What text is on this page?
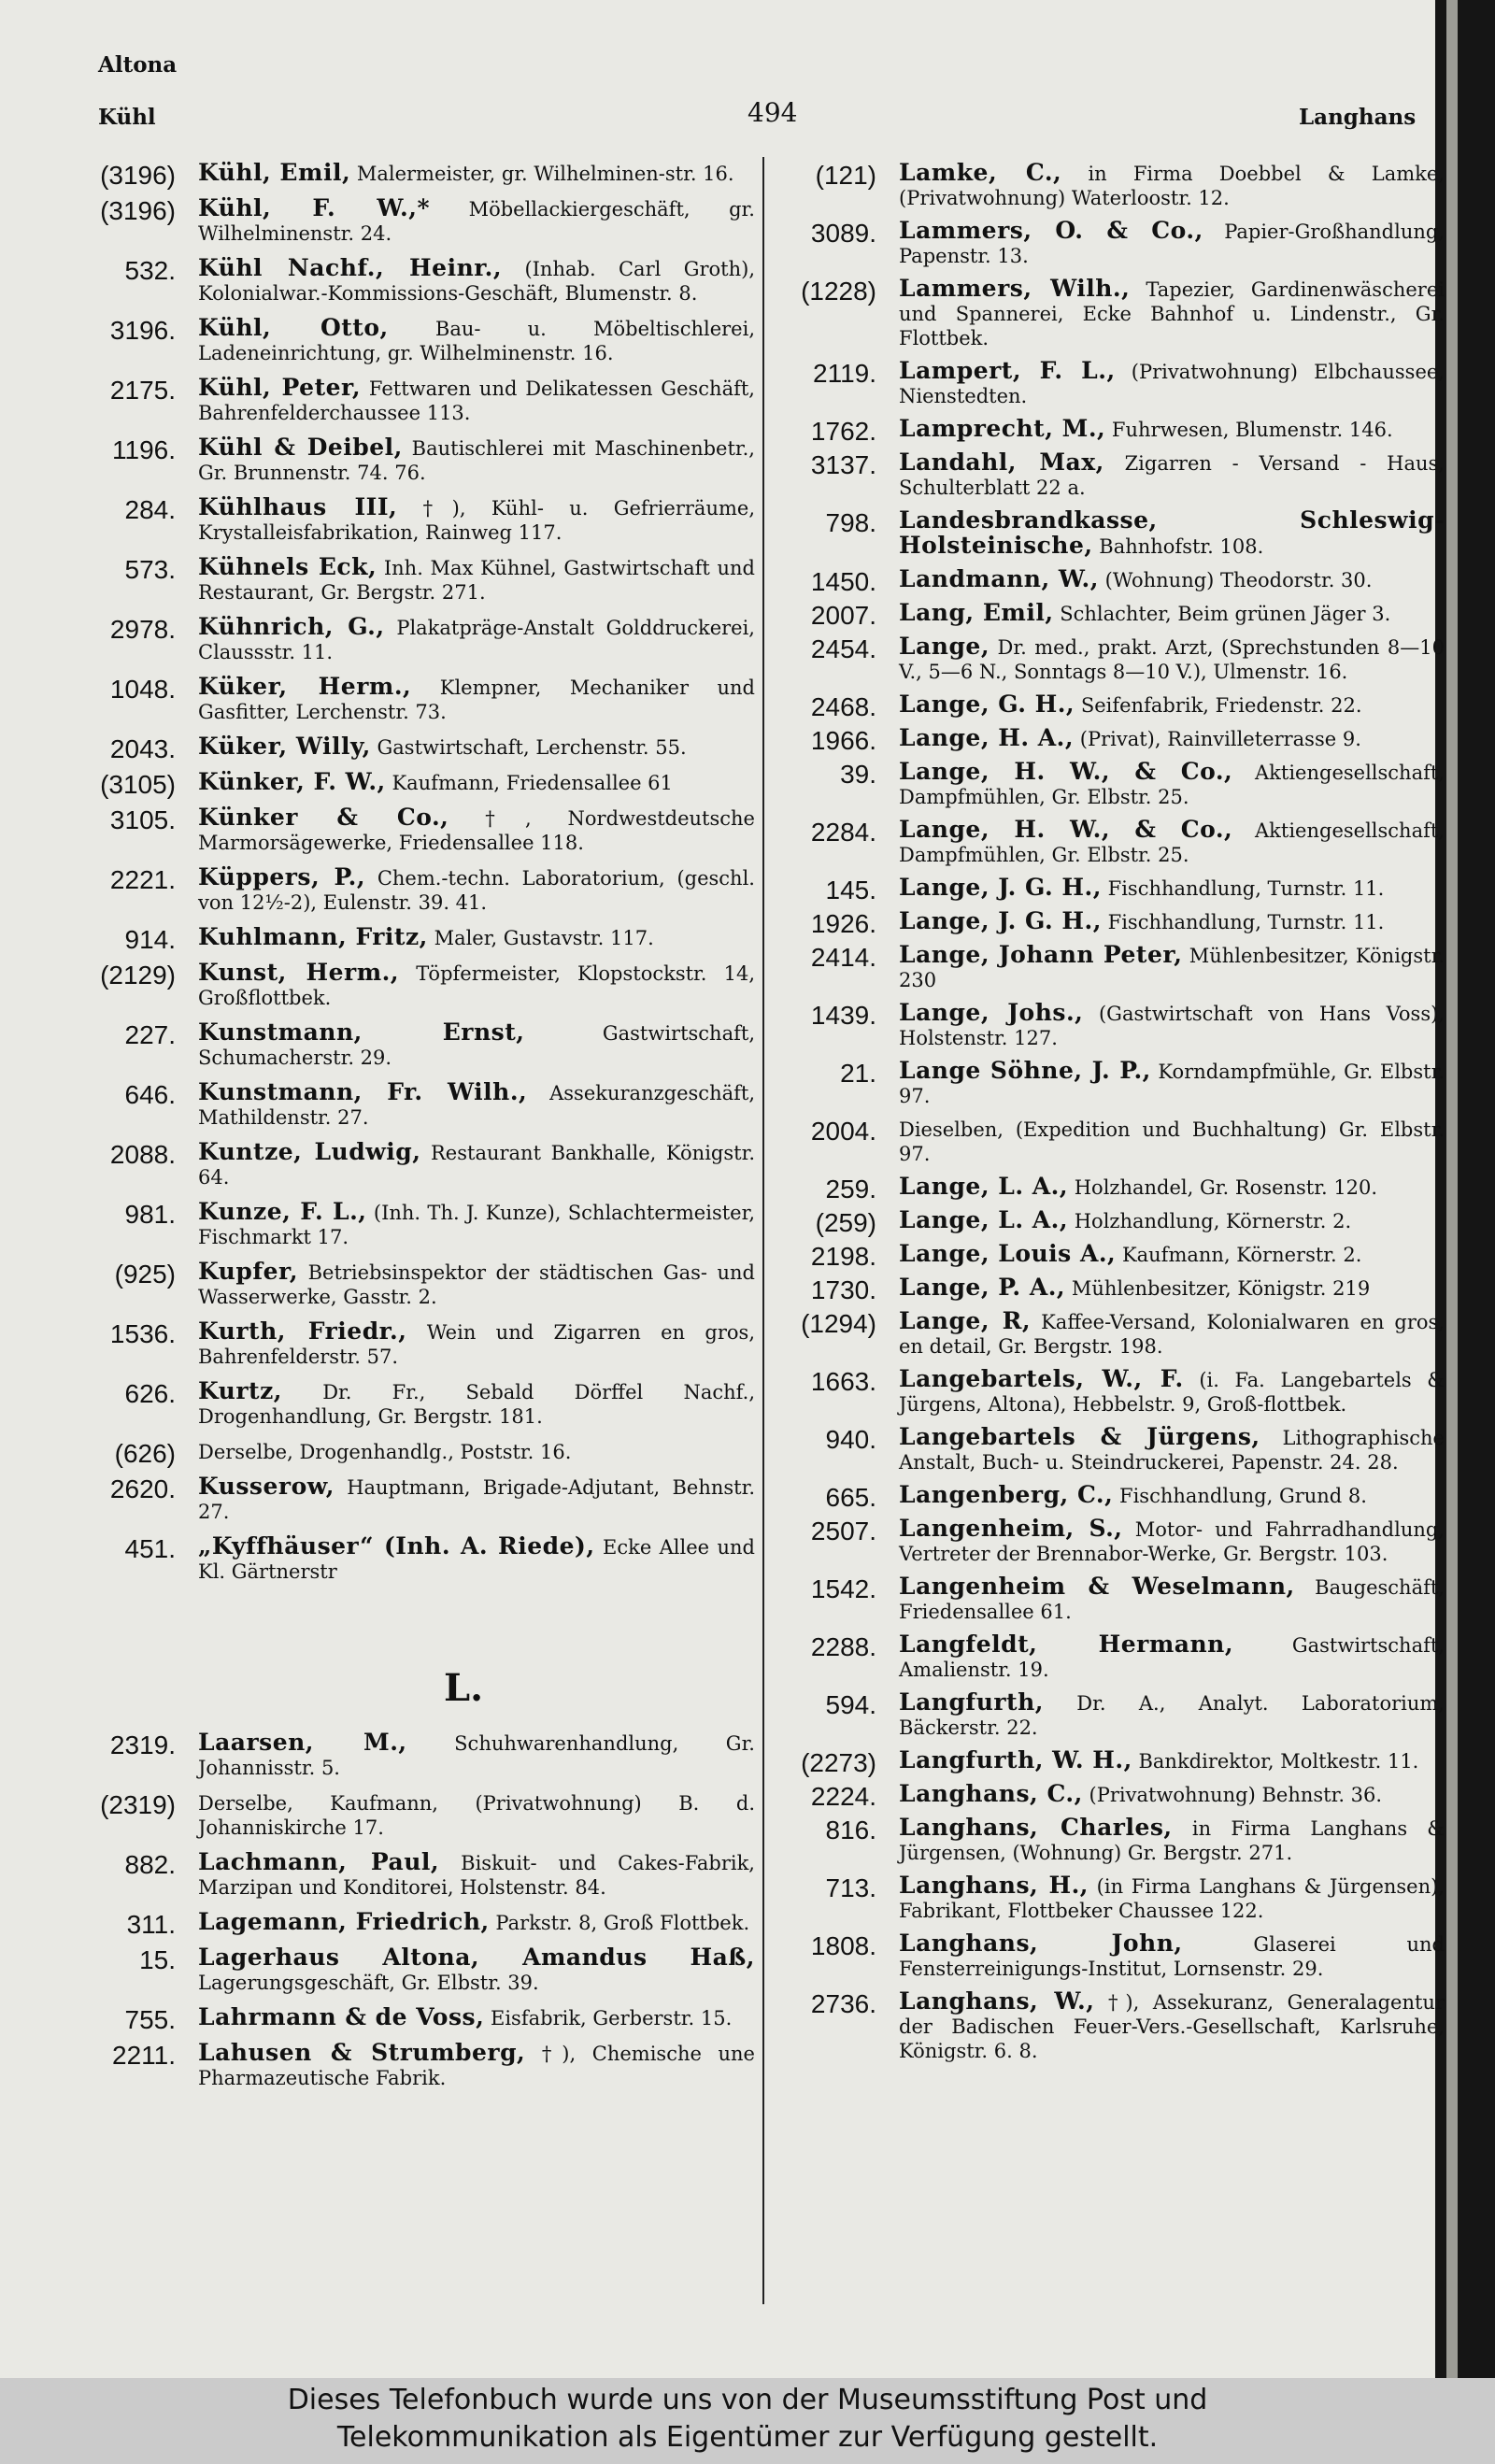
Altona
Kühl	494	Langhans
(3196) Kühl, Emil, Malermeister, gr. Wilhelminen-str. 16.
(3196) Kühl, F. W.,* Möbellackiergeschäft, gr. Wilhelminenstr. 24.
532. Kühl Nachf., Heinr., (Inhab. Carl Groth), Kolonialwar.-Kommissions-Geschäft, Blumenstr. 8.
3196. Kühl, Otto, Bau- u. Möbeltischlerei, Ladeneinrichtung, gr. Wilhelminenstr. 16.
2175. Kühl, Peter, Fettwaren und Delikatessen Geschäft, Bahrenfelderchaussee 113.
1196. Kühl & Deibel, Bautischlerei mit Maschinenbetr., Gr. Brunnenstr. 74. 76.
284. Kühlhaus III, †), Kühl- u. Gefrierräume, Krystalleisfabrikation, Rainweg 117.
573. Kühnels Eck, Inh. Max Kühnel, Gastwirtschaft und Restaurant, Gr. Bergstr. 271.
2978. Kühnrich, G., Plakatpräge-Anstalt Golddruckerei, Claussstr. 11.
1048. Küker, Herm., Klempner, Mechaniker und Gasfitter, Lerchenstr. 73.
2043. Küker, Willy, Gastwirtschaft, Lerchenstr. 55.
(3105) Künker, F. W., Kaufmann, Friedensallee 61
3105. Künker & Co., †, Nordwestdeutsche Marmorsägewerke, Friedensallee 118.
2221. Küppers, P., Chem.-techn. Laboratorium, (geschl. von 12½-2), Eulenstr. 39. 41.
914. Kuhlmann, Fritz, Maler, Gustavstr. 117.
(2129) Kunst, Herm., Töpfermeister, Klopstockstr. 14, Großflottbek.
227. Kunstmann, Ernst,	Gastwirtschaft, Schumacherstr. 29.
646. Kunstmann, Fr. Wilh., Assekuranzgeschäft, Mathildenstr. 27.
2088. Kuntze, Ludwig, Restaurant Bankhalle, Königstr. 64.
981. Kunze, F. L., (Inh. Th. J. Kunze), Schlachtermeister, Fischmarkt 17.
(925) Kupfer, Betriebsinspektor der städtischen Gas- und Wasserwerke, Gasstr. 2.
1536. Kurth, Friedr., Wein und Zigarren en gros, Bahrenfelderstr. 57.
626. Kurtz, Dr. Fr., Sebald Dörffel Nachf., Drogenhandlung, Gr. Bergstr. 181.
(626) Derselbe, Drogenhandlg., Poststr. 16.
2620. Kusserow, Hauptmann, Brigade-Adjutant, Behnstr. 27.
451. „Kyffhäuser“ (Inh. A. Riede), Ecke Allee und Kl. Gärtnerstr
L.
2319. Laarsen, M., Schuhwarenhandlung, Gr. Johannisstr. 5.
(2319) Derselbe, Kaufmann, (Privatwohnung) B. d. Johanniskirche 17.
882. Lachmann, Paul, Biskuit- und Cakes-Fabrik, Marzipan und Konditorei, Holstenstr. 84.
311. Lagemann, Friedrich, Parkstr. 8, Groß Flottbek.
15. Lagerhaus Altona, Amandus Haß, Lagerungsgeschäft, Gr. Elbstr. 39.
755. Lahrmann & de Voss, Eisfabrik, Gerberstr. 15.
2211. Lahusen & Strumberg, †), Chemische une Pharmazeutische Fabrik.
(121) Lamke, C., in Firma Doebbel & Lamke, (Privatwohnung) Waterloostr. 12.
3089. Lammers, O. & Co., Papier-Großhandlung, Papenstr. 13.
(1228) Lammers, Wilh., Tapezier, Gardinenwäscherei und Spannerei, Ecke Bahnhof u. Lindenstr., Gr. Flottbek.
2119. Lampert, F. L., (Privatwohnung) Elbchaussee, Nienstedten.
1762. Lamprecht, M., Fuhrwesen, Blumenstr. 146.
3137. Landahl, Max, Zigarren - Versand - Haus, Schulterblatt 22 a.
798. Landesbrandkasse, Schleswig-Holsteinische, Bahnhofstr. 108.
1450. Landmann, W., (Wohnung) Theodorstr. 30.
2007. Lang, Emil, Schlachter, Beim grünen Jäger 3.
2454. Lange, Dr. med., prakt. Arzt, (Sprechstunden 8—10 V., 5—6 N., Sonntags 8—10 V.), Ulmenstr. 16.
2468. Lange, G. H., Seifenfabrik, Friedenstr. 22.
1966. Lange, H. A., (Privat), Rainvilleterrasse 9.
39. Lange, H. W., & Co., Aktiengesellschaft, Dampfmühlen, Gr. Elbstr. 25.
2284. Lange, H. W., & Co., Aktiengesellschaft, Dampfmühlen, Gr. Elbstr. 25.
145. Lange, J. G. H., Fischhandlung, Turnstr. 11.
1926. Lange, J. G. H., Fischhandlung, Turnstr. 11.
2414. Lange, Johann Peter, Mühlenbesitzer, Königstr. 230
1439. Lange, Johs., (Gastwirtschaft von Hans Voss), Holstenstr. 127.
21. Lange Söhne, J. P., Korndampfmühle, Gr. Elbstr. 97.
2004. Dieselben, (Expedition und Buchhaltung) Gr. Elbstr. 97.
259. Lange, L. A., Holzhandel, Gr. Rosenstr. 120.
(259) Lange, L. A., Holzhandlung, Körnerstr. 2.
2198. Lange, Louis A., Kaufmann, Körnerstr. 2.
1730. Lange, P. A., Mühlenbesitzer, Königstr. 219
(1294) Lange, R, Kaffee-Versand, Kolonialwaren en gros, en detail, Gr. Bergstr. 198.
1663. Langebartels, W., F. (i. Fa. Langebartels & Jürgens, Altona), Hebbelstr. 9, Groß-flottbek.
940. Langebartels & Jürgens, Lithographische Anstalt, Buch- u. Steindruckerei, Papenstr. 24. 28.
665. Langenberg, C., Fischhandlung, Grund 8.
2507. Langenheim, S., Motor- und Fahrradhandlung, Vertreter der Brennabor-Werke, Gr. Bergstr. 103.
1542. Langenheim & Weselmann, Baugeschäft, Friedensallee 61.
2288. Langfeldt, Hermann,	Gastwirtschaft, Amalienstr. 19.
594. Langfurth, Dr. A., Analyt. Laboratorium, Bäckerstr. 22.
(2273) Langfurth, W. H., Bankdirektor, Moltkestr. 11.
2224. Langhans, C., (Privatwohnung) Behnstr. 36.
816. Langhans, Charles, in Firma Langhans & Jürgensen, (Wohnung) Gr. Bergstr. 271.
713. Langhans, H., (in Firma Langhans & Jürgensen), Fabrikant, Flottbeker Chaussee 122.
1808. Langhans, John,	Glaserei und Fensterreinigungs-Institut, Lornsenstr. 29.
2736. Langhans, W., †), Assekuranz, Generalagentur der Badischen Feuer-Vers.-Gesellschaft, Karlsruhe, Königstr. 6. 8.
Dieses Telefonbuch wurde uns von der Museumsstiftung Post und
Telekommunikation als Eigentümer zur Verfügung gestellt.
